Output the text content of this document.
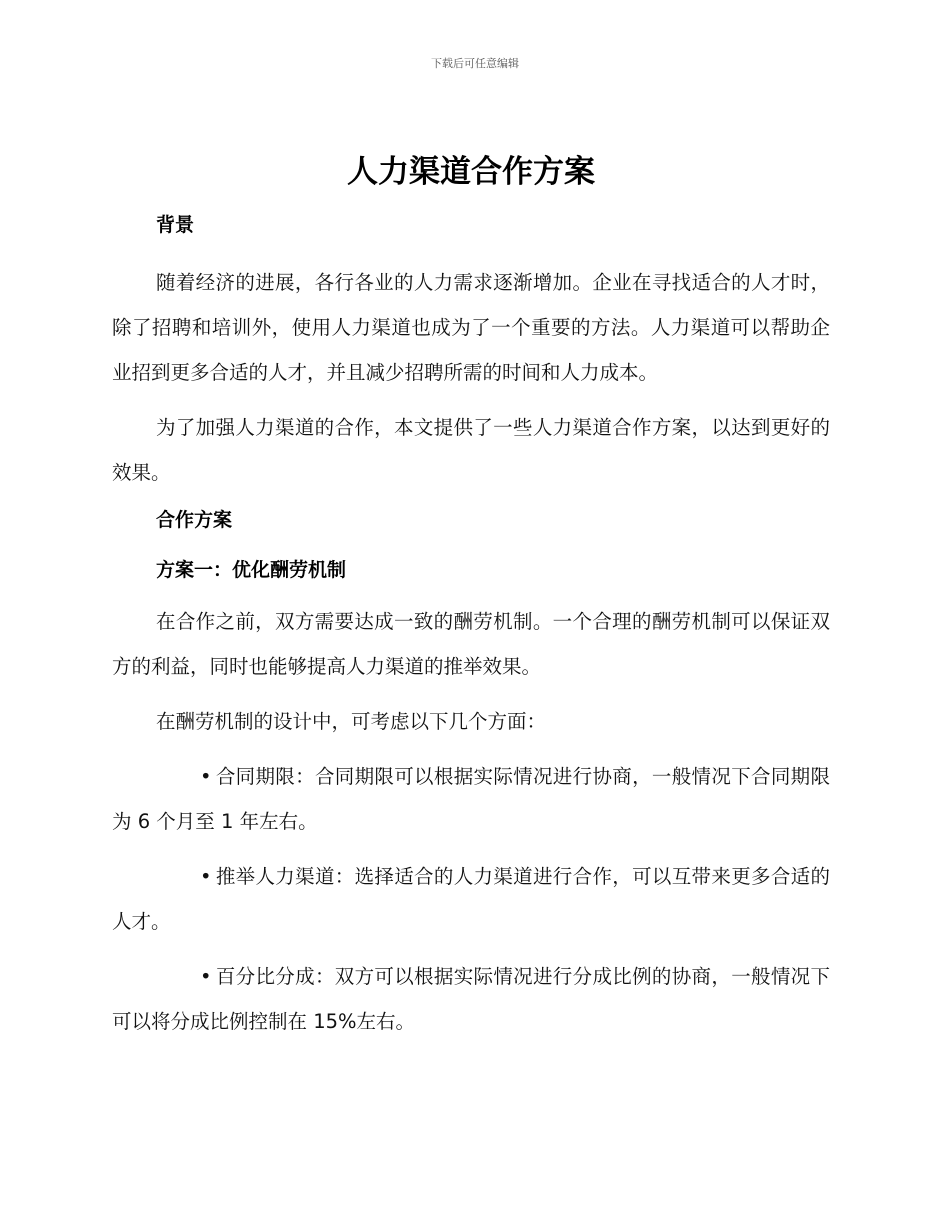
下载后可任意编辑
人力渠道合作方案
背景

随着经济的进展，各行各业的人力需求逐渐增加。企业在寻找适合的人才时，除了招聘和培训外，使用人力渠道也成为了一个重要的方法。人力渠道可以帮助企业招到更多合适的人才，并且减少招聘所需的时间和人力成本。

为了加强人力渠道的合作，本文提供了一些人力渠道合作方案，以达到更好的效果。

合作方案
方案一：优化酬劳机制

在合作之前，双方需要达成一致的酬劳机制。一个合理的酬劳机制可以保证双方的利益，同时也能够提高人力渠道的推举效果。

在酬劳机制的设计中，可考虑以下几个方面：

• 合同期限：合同期限可以根据实际情况进行协商，一般情况下合同期限为 6 个月至 1 年左右。

• 推举人力渠道：选择适合的人力渠道进行合作，可以互带来更多合适的人才。

• 百分比分成：双方可以根据实际情况进行分成比例的协商，一般情况下可以将分成比例控制在 15%左右。
